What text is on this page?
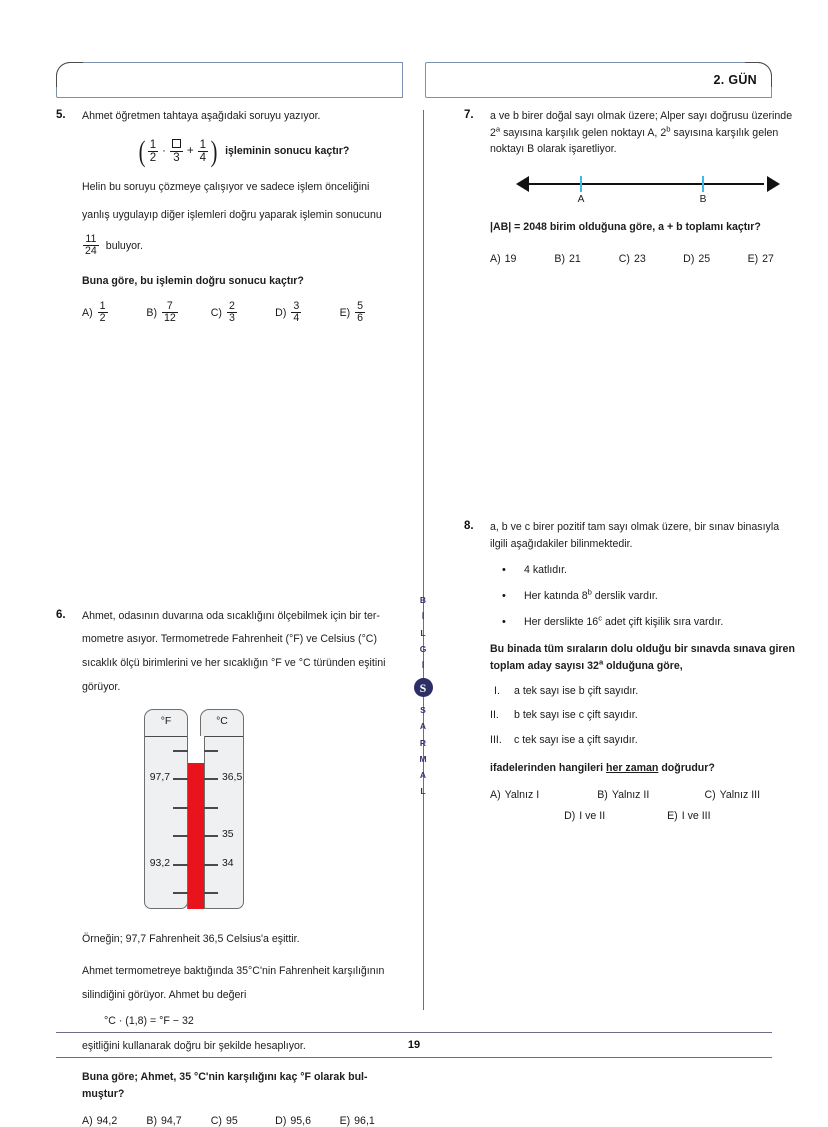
2. GÜN
B
İ
L
G
İ
S
S
A
R
M
A
L
5.	Ahmet öğretmen tahtaya aşağıdaki soruyu yazıyor.

( $\frac{1}{2}$ ·
3
+ $\frac{1}{4}$ ) işleminin sonucu kaçtır?

Helin bu soruyu çözmeye çalışıyor ve sadece işlem önceliğini

yanlış uygulayıp diğer işlemleri doğru yaparak işlemin sonucunu

$\frac{11}{24}$ buluyor.

Buna göre, bu işlemin doğru sonucu kaçtır?

$A) \frac{1}{2}$	$B) \frac{7}{12}$	$C) \frac{2}{3}$	$D) \frac{3}{4}$	$E) \frac{5}{6}$
6.	Ahmet, odasının duvarına oda sıcaklığını ölçebilmek için bir ter-

mometre asıyor. Termometrede Fahrenheit (°F) ve Celsius (°C)

sıcaklık ölçü birimlerini ve her sıcaklığın °F ve °C türünden eşitini

görüyor.

°F	°C
97,7
93,2
36,5
35
34

Örneğin; 97,7 Fahrenheit 36,5 Celsius'a eşittir.

Ahmet termometreye baktığında 35°C'nin Fahrenheit karşılığının

silindiğini görüyor. Ahmet bu değeri

°C · (1,8) = °F − 32

eşitliğini kullanarak doğru bir şekilde hesaplıyor.

Buna göre; Ahmet, 35 °C'nin karşılığını kaç °F olarak bul-

muştur?

A) 94,2	B) 94,7	C) 95	D) 95,6	E) 96,1
7.	a ve b birer doğal sayı olmak üzere; Alper sayı doğrusu üzerinde

2$^a$ sayısına karşılık gelen noktayı A, 2$^b$ sayısına karşılık gelen

noktayı B olarak işaretliyor.

A	B

|AB| = 2048 birim olduğuna göre, a + b toplamı kaçtır?

A) 19	B) 21	C) 23	D) 25	E) 27
8.	a, b ve c birer pozitif tam sayı olmak üzere, bir sınav binasıyla

ilgili aşağıdakiler bilinmektedir.

• 4 katlıdır.
• Her katında 8$^b$ derslik vardır.
• Her derslikte 16$^c$ adet çift kişilik sıra vardır.

Bu binada tüm sıraların dolu olduğu bir sınavda sınava giren

toplam aday sayısı 32$^a$ olduğuna göre,

I.	a tek sayı ise b çift sayıdır.
II.	b tek sayı ise c çift sayıdır.
III.	c tek sayı ise a çift sayıdır.

ifadelerinden hangileri her zaman doğrudur?

A) Yalnız I	B) Yalnız II	C) Yalnız III
D) I ve II	E) I ve III
19
